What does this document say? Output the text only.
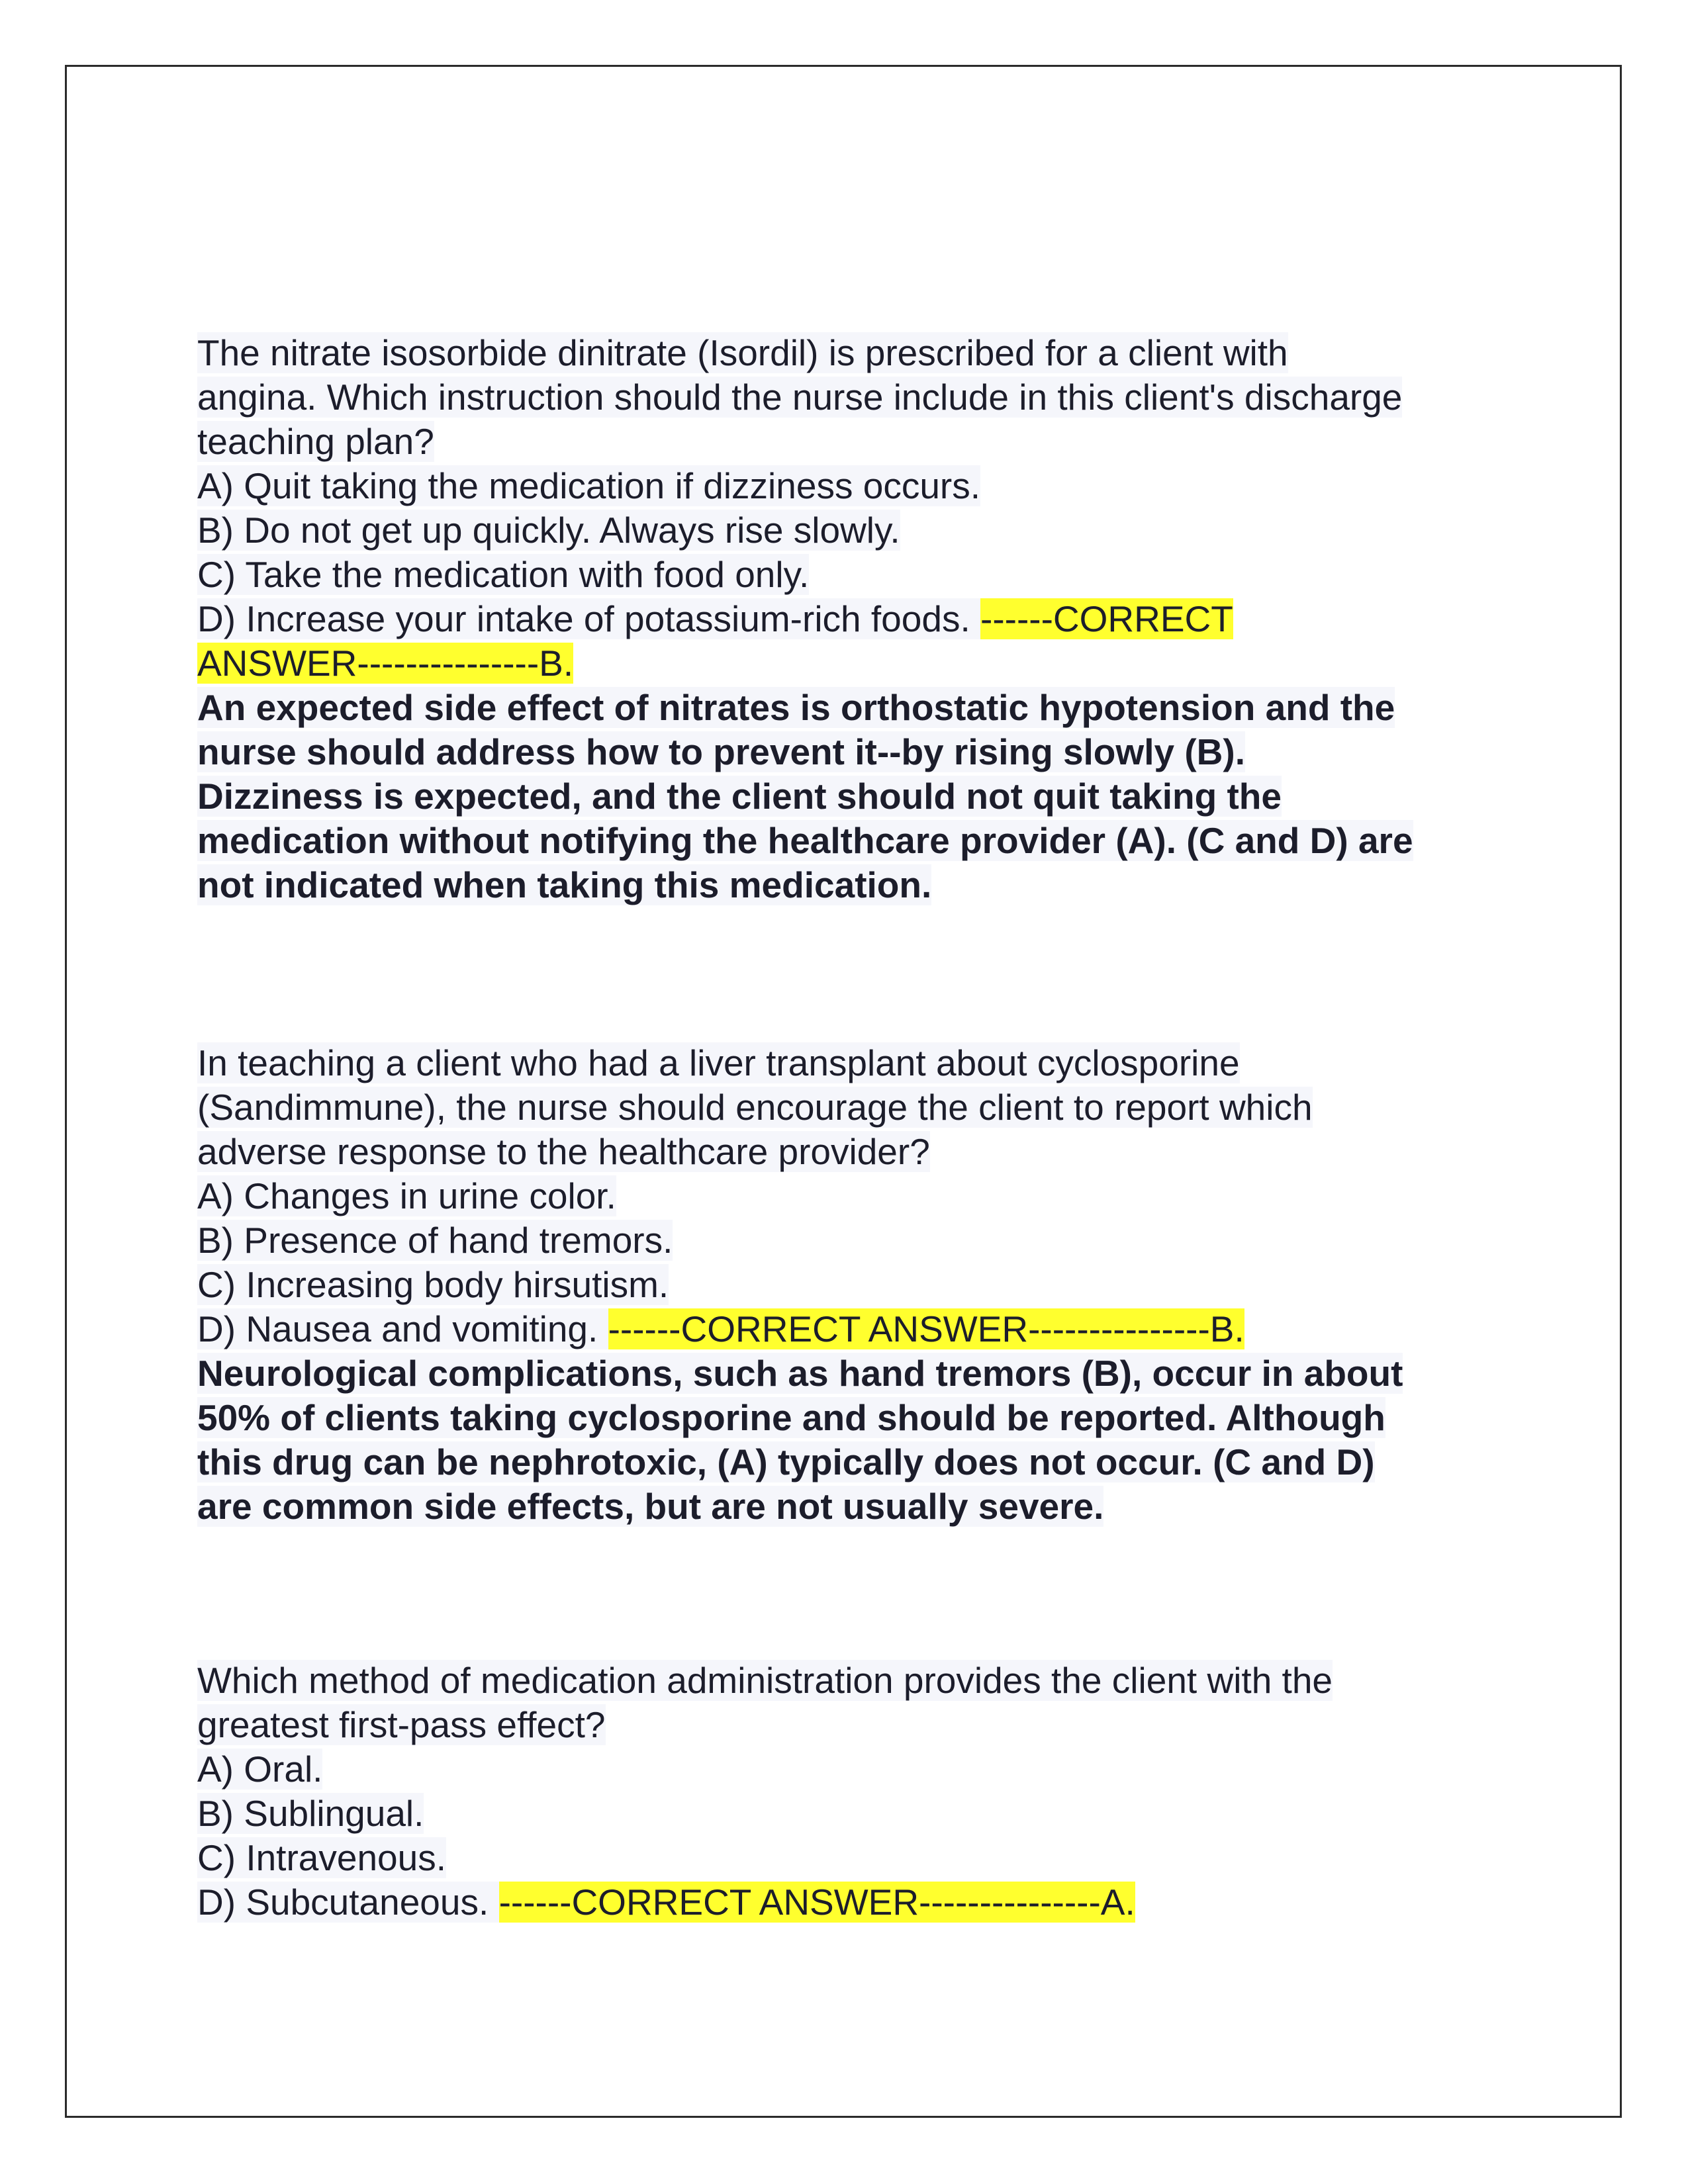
The nitrate isosorbide dinitrate (Isordil) is prescribed for a client with
angina. Which instruction should the nurse include in this client's discharge
teaching plan?
A) Quit taking the medication if dizziness occurs.
B) Do not get up quickly. Always rise slowly.
C) Take the medication with food only.
D) Increase your intake of potassium-rich foods. ------CORRECT
ANSWER---------------B.
An expected side effect of nitrates is orthostatic hypotension and the
nurse should address how to prevent it--by rising slowly (B).
Dizziness is expected, and the client should not quit taking the
medication without notifying the healthcare provider (A). (C and D) are
not indicated when taking this medication.
In teaching a client who had a liver transplant about cyclosporine
(Sandimmune), the nurse should encourage the client to report which
adverse response to the healthcare provider?
A) Changes in urine color.
B) Presence of hand tremors.
C) Increasing body hirsutism.
D) Nausea and vomiting. ------CORRECT ANSWER---------------B.
Neurological complications, such as hand tremors (B), occur in about
50% of clients taking cyclosporine and should be reported. Although
this drug can be nephrotoxic, (A) typically does not occur. (C and D)
are common side effects, but are not usually severe.
Which method of medication administration provides the client with the
greatest first-pass effect?
A) Oral.
B) Sublingual.
C) Intravenous.
D) Subcutaneous. ------CORRECT ANSWER---------------A.
